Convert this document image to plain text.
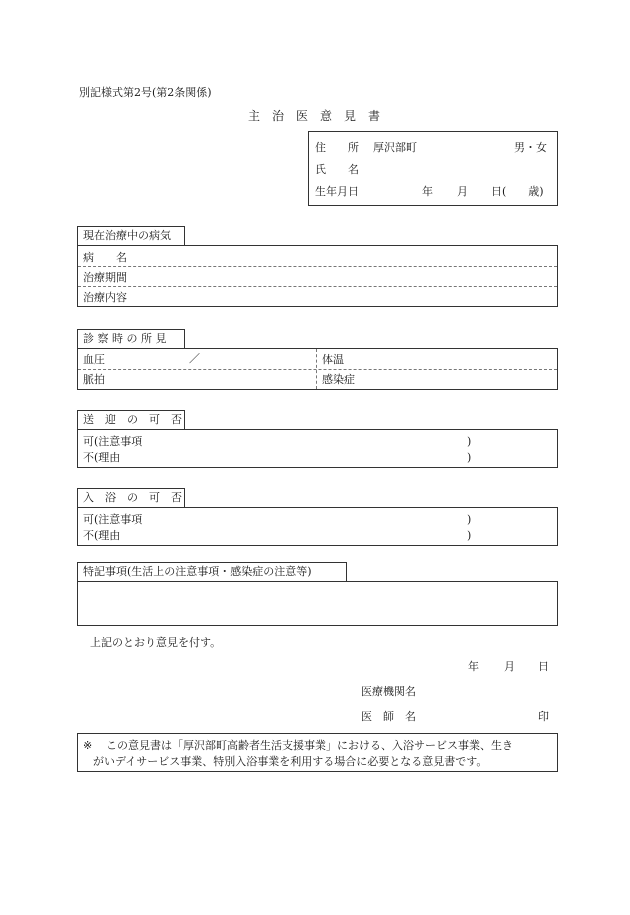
別記様式第2号(第2条関係)
主　治　医　意　見　書
住　　所 厚沢部町	男・女
氏　　名
生年月日	年 月 日(　　歳)
現在治療中の病気
病　　名
治療期間
治療内容
診 察 時 の 所 見
血圧	／	体温
脈拍	感染症
送　迎　の　可　否
可(注意事項	)
不(理由	)
入　浴　の　可　否
可(注意事項	)
不(理由	)
特記事項(生活上の注意事項・感染症の注意等)
上記のとおり意見を付す。
年 月 日
医療機関名
医　師　名	印
※ この意見書は「厚沢部町高齢者生活支援事業」における、入浴サービス事業、生き
がいデイサービス事業、特別入浴事業を利用する場合に必要となる意見書です。
